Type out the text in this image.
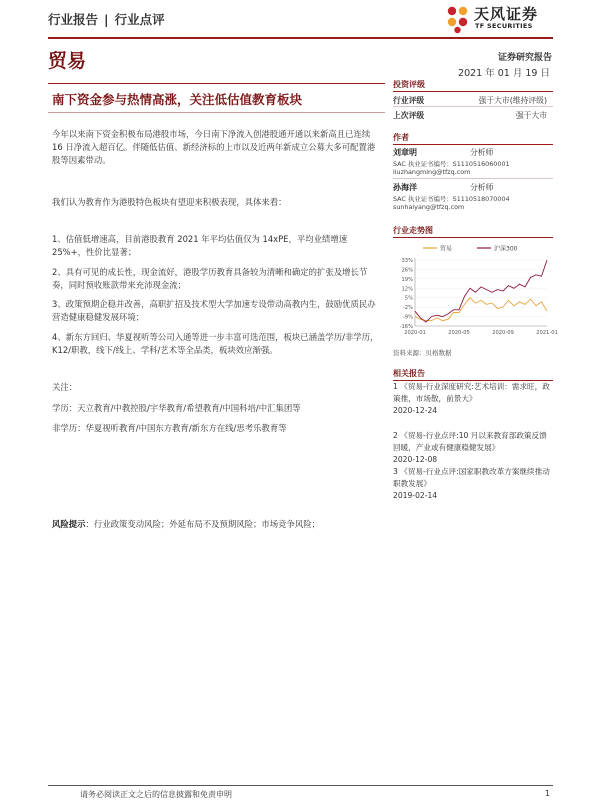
行业报告 | 行业点评	天风证券
TF SECURITIES
贸易	证券研究报告
2021 年 01 月 19 日
南下资金参与热情高涨，关注低估值教育板块

今年以来南下资金积极布局港股市场，今日南下净流入创港股通开通以来新高且已连续 16 日净流入超百亿。伴随低估值、新经济标的上市以及近两年新成立公募大多可配置港股等因素带动。

我们认为教育作为港股特色板块有望迎来积极表现，具体来看：

1、估值低增速高，目前港股教育 2021 年平均估值仅为 14xPE，平均业绩增速 25%+，性价比显著；

2、具有可见的成长性，现金流好，港股学历教育具备较为清晰和确定的扩张及增长节奏，同时预收账款带来充沛现金流；

3、政策预期企稳并改善，高职扩招及技术型大学加速专设带动高教内生，鼓励优质民办营造健康稳健发展环境；

4、新东方回归、华夏视听等公司入通等进一步丰富可选范围，板块已涵盖学历/非学历，K12/职教，线下/线上、学科/艺术等全品类，板块效应渐强。

关注：

学历：天立教育/中教控股/宇华教育/希望教育/中国科培/中汇集团等

非学历：华夏视听教育/中国东方教育/新东方在线/思考乐教育等

风险提示：行业政策变动风险；外延布局不及预期风险；市场竞争风险；
投资评级
行业评级	强于大市(维持评级)
上次评级	强于大市
作者
刘章明	分析师
SAC 执业证书编号：S1110516060001
liuzhangming@tfzq.com
孙海洋	分析师
SAC 执业证书编号：S1110518070004
sunhaiyang@tfzq.com
行业走势图
贸易	沪深300
33%
26%
19%
12%
5%
-2%
-9%
-16%
2020-01	2020-05	2020-09	2021-01
资料来源：贝格数据
相关报告
1 《贸易-行业深度研究:艺术培训：需求旺，政策推，市场散，前景大》
2020-12-24
2 《贸易-行业点评:10 月以来教育部政策反馈回暖，产业或有健康稳健发展》
2020-12-08
3 《贸易-行业点评:国家职教改革方案继续推动职教发展》
2019-02-14
请务必阅读正文之后的信息披露和免责申明	1
